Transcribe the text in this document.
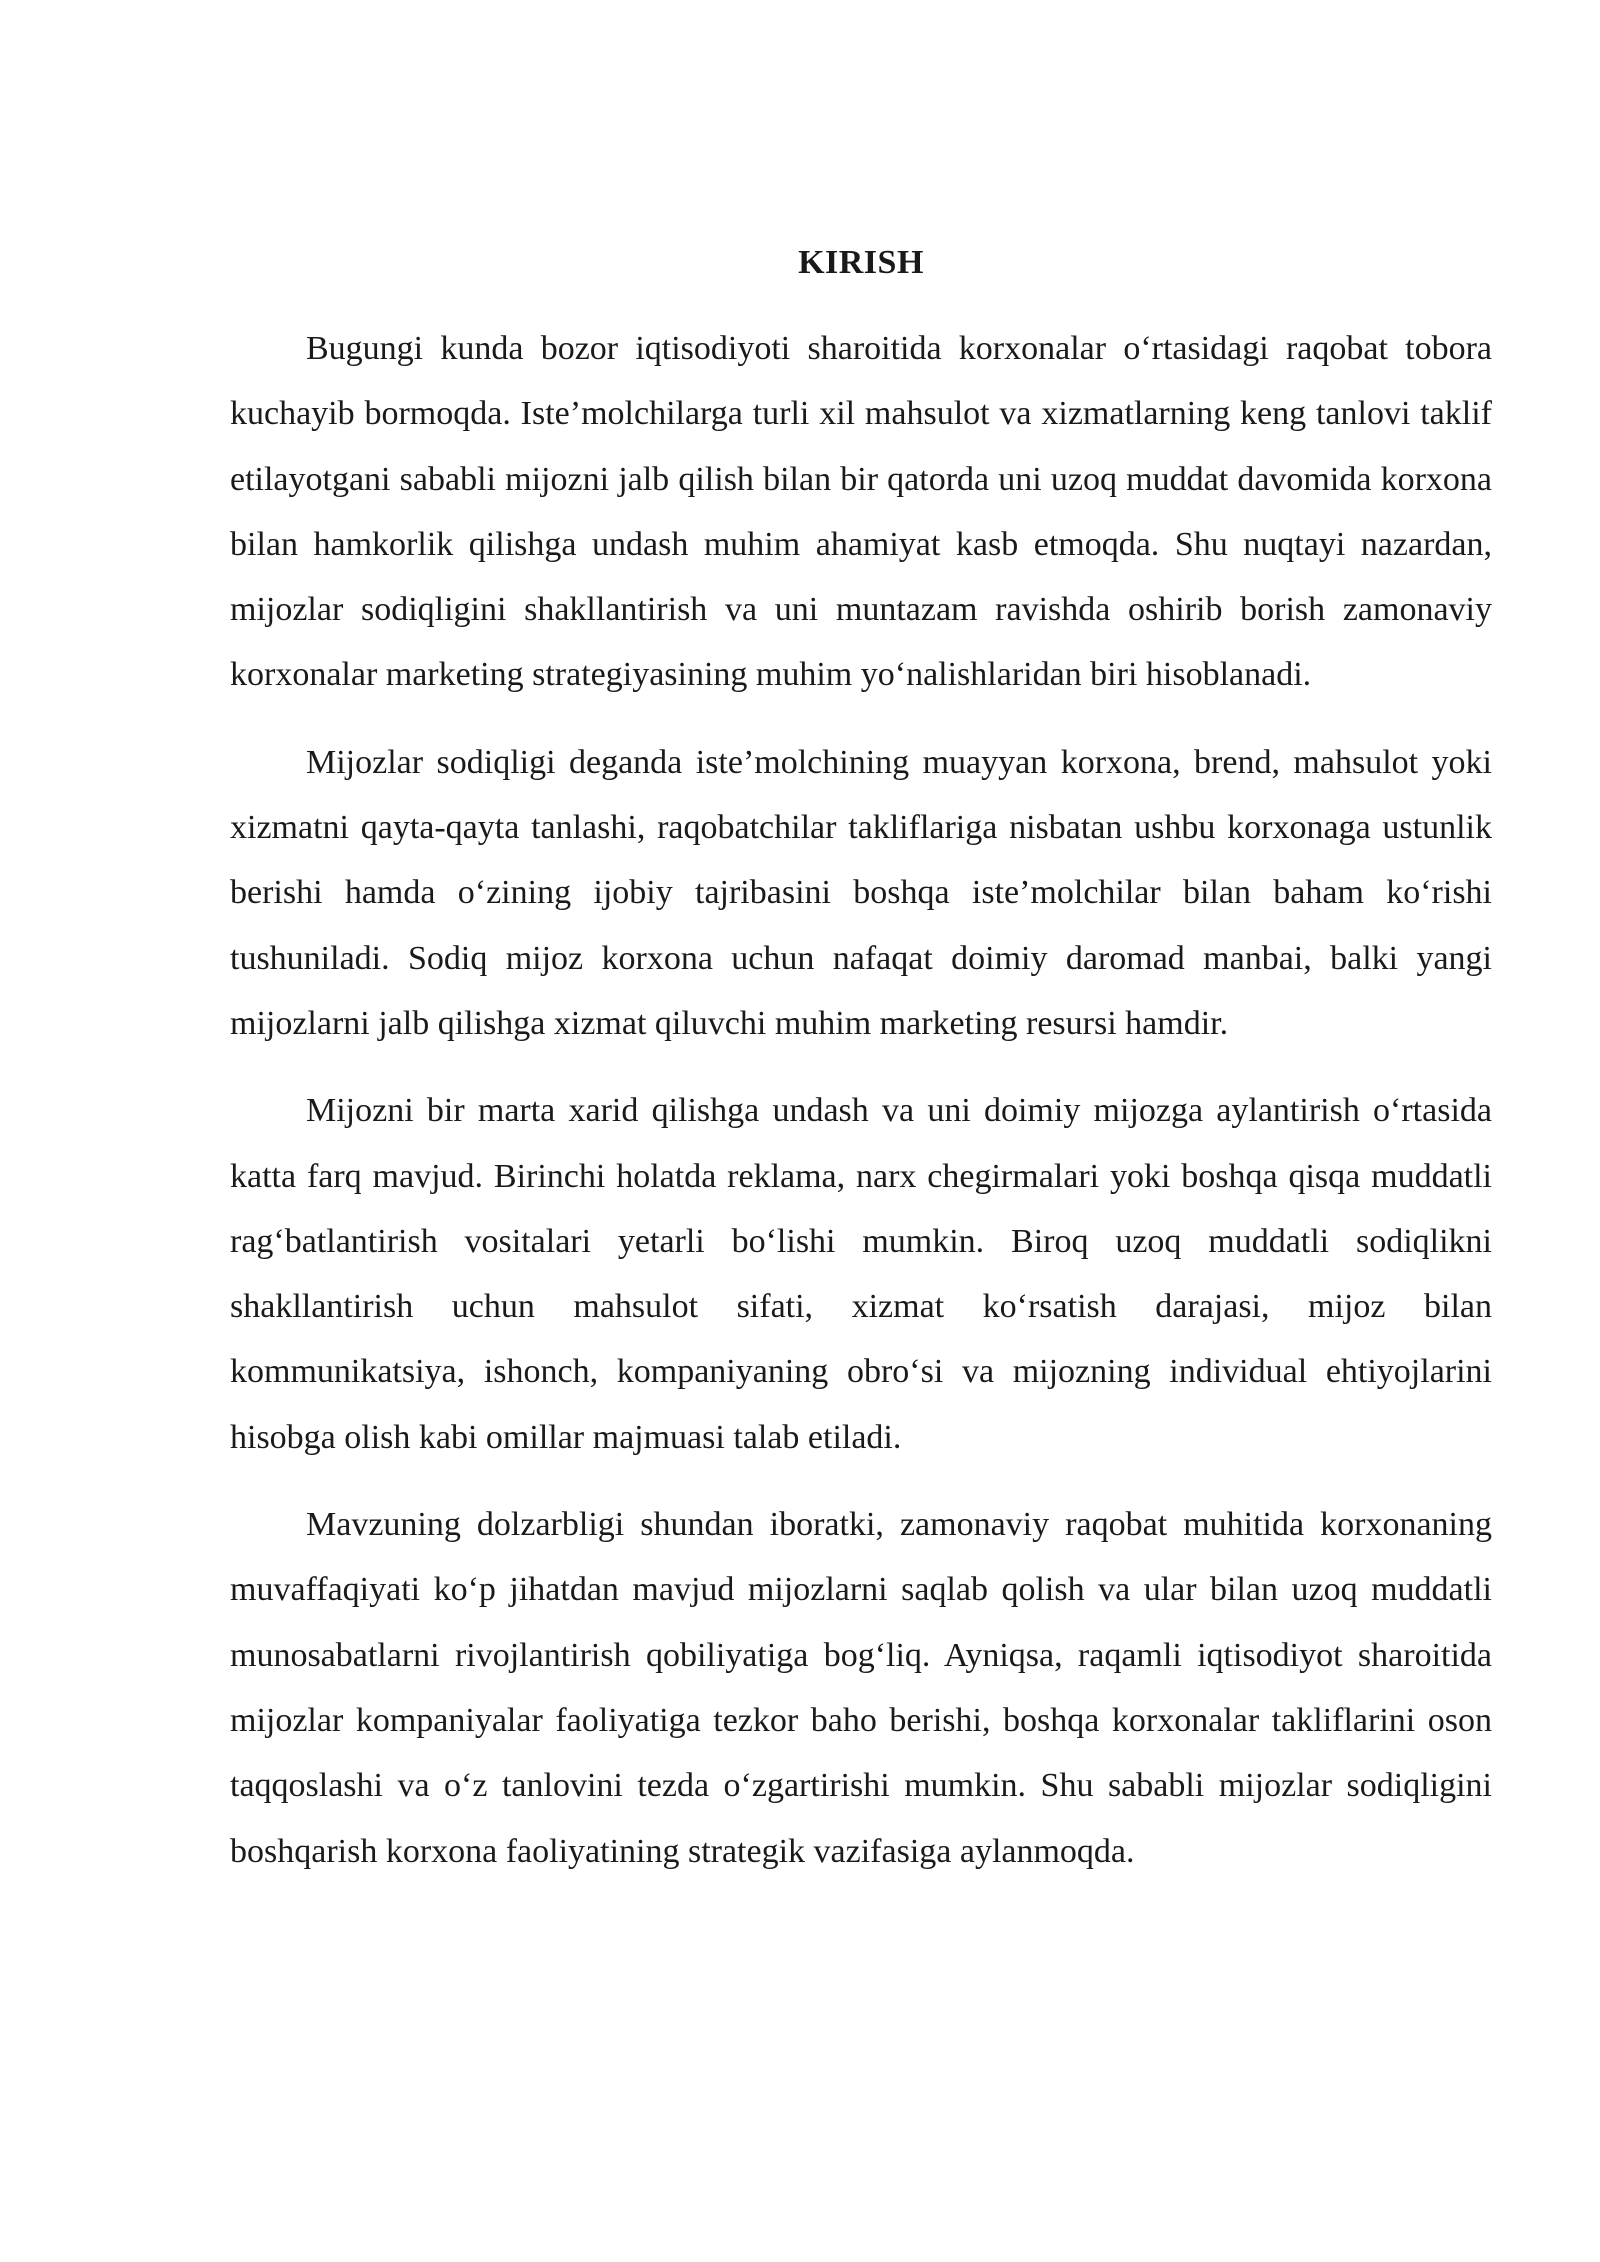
KIRISH

Bugungi kunda bozor iqtisodiyoti sharoitida korxonalar o‘rtasidagi raqobat tobora kuchayib bormoqda. Iste’molchilarga turli xil mahsulot va xizmatlarning keng tanlovi taklif etilayotgani sababli mijozni jalb qilish bilan bir qatorda uni uzoq muddat davomida korxona bilan hamkorlik qilishga undash muhim ahamiyat kasb etmoqda. Shu nuqtayi nazardan, mijozlar sodiqligini shakllantirish va uni muntazam ravishda oshirib borish zamonaviy korxonalar marketing strategiyasining muhim yo‘nalishlaridan biri hisoblanadi.

Mijozlar sodiqligi deganda iste’molchining muayyan korxona, brend, mahsulot yoki xizmatni qayta-qayta tanlashi, raqobatchilar takliflariga nisbatan ushbu korxonaga ustunlik berishi hamda o‘zining ijobiy tajribasini boshqa iste’molchilar bilan baham ko‘rishi tushuniladi. Sodiq mijoz korxona uchun nafaqat doimiy daromad manbai, balki yangi mijozlarni jalb qilishga xizmat qiluvchi muhim marketing resursi hamdir.

Mijozni bir marta xarid qilishga undash va uni doimiy mijozga aylantirish o‘rtasida katta farq mavjud. Birinchi holatda reklama, narx chegirmalari yoki boshqa qisqa muddatli rag‘batlantirish vositalari yetarli bo‘lishi mumkin. Biroq uzoq muddatli sodiqlikni shakllantirish uchun mahsulot sifati, xizmat ko‘rsatish darajasi, mijoz bilan kommunikatsiya, ishonch, kompaniyaning obro‘si va mijozning individual ehtiyojlarini hisobga olish kabi omillar majmuasi talab etiladi.

Mavzuning dolzarbligi shundan iboratki, zamonaviy raqobat muhitida korxonaning muvaffaqiyati ko‘p jihatdan mavjud mijozlarni saqlab qolish va ular bilan uzoq muddatli munosabatlarni rivojlantirish qobiliyatiga bog‘liq. Ayniqsa, raqamli iqtisodiyot sharoitida mijozlar kompaniyalar faoliyatiga tezkor baho berishi, boshqa korxonalar takliflarini oson taqqoslashi va o‘z tanlovini tezda o‘zgartirishi mumkin. Shu sababli mijozlar sodiqligini boshqarish korxona faoliyatining strategik vazifasiga aylanmoqda.
